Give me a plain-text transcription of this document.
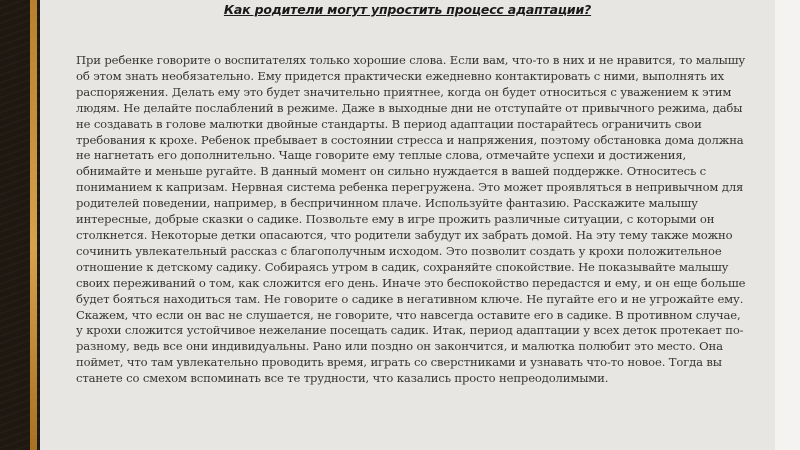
Как родители могут упростить процесс адаптации?

При ребенке говорите о воспитателях только хорошие слова. Если вам, что-то в них и не нравится, то малышу об этом знать необязательно. Ему придется практически ежедневно контактировать с ними, выполнять их распоряжения. Делать ему это будет значительно приятнее, когда он будет относиться с уважением к этим людям. Не делайте послаблений в режиме. Даже в выходные дни не отступайте от привычного режима, дабы не создавать в голове малютки двойные стандарты. В период адаптации постарайтесь ограничить свои требования к крохе. Ребенок пребывает в состоянии стресса и напряжения, поэтому обстановка дома должна не нагнетать его дополнительно. Чаще говорите ему теплые слова, отмечайте успехи и достижения, обнимайте и меньше ругайте. В данный момент он сильно нуждается в вашей поддержке. Относитесь с пониманием к капризам. Нервная система ребенка перегружена. Это может проявляться в непривычном для родителей поведении, например, в беспричинном плаче. Используйте фантазию. Расскажите малышу интересные, добрые сказки о садике. Позвольте ему в игре прожить различные ситуации, с которыми он столкнется. Некоторые детки опасаются, что родители забудут их забрать домой. На эту тему также можно сочинить увлекательный рассказ с благополучным исходом. Это позволит создать у крохи положительное отношение к детскому садику. Собираясь утром в садик, сохраняйте спокойствие. Не показывайте малышу своих переживаний о том, как сложится его день. Иначе это беспокойство передастся и ему, и он еще больше будет бояться находиться там. Не говорите о садике в негативном ключе. Не пугайте его и не угрожайте ему. Скажем, что если он вас не слушается, не говорите, что навсегда оставите его в садике. В противном случае, у крохи сложится устойчивое нежелание посещать садик. Итак, период адаптации у всех деток протекает по-разному, ведь все они индивидуальны. Рано или поздно он закончится, и малютка полюбит это место. Она поймет, что там увлекательно проводить время, играть со сверстниками и узнавать что-то новое. Тогда вы станете со смехом вспоминать все те трудности, что казались просто непреодолимыми.
